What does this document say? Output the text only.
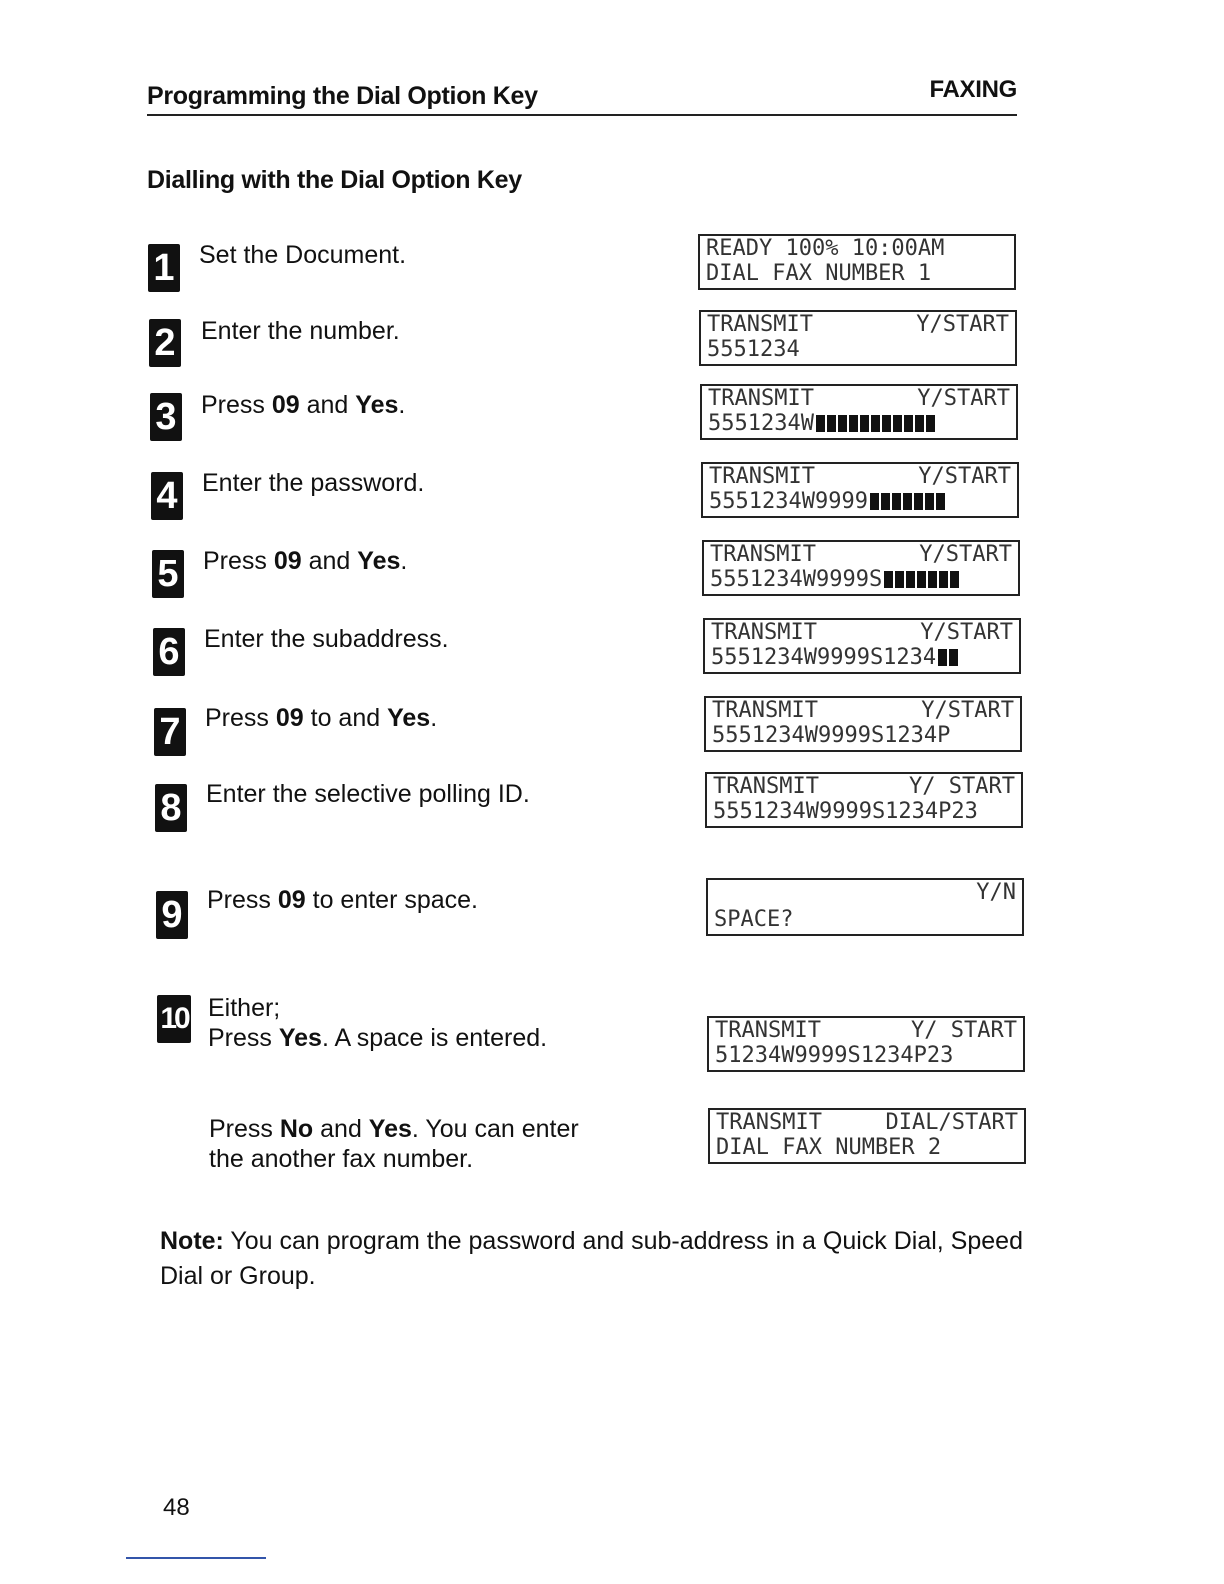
Programming the Dial Option Key	FAXING
Dialling with the Dial Option Key
1 Set the Document.
2 Enter the number.
3 Press 09 and Yes.
4 Enter the password.
5 Press 09 and Yes.
6 Enter the subaddress.
7 Press 09 to and Yes.
8 Enter the selective polling ID.
9 Press 09 to enter space.
10 Either;
Press Yes. A space is entered.
Press No and Yes. You can enter
the another fax number.
READY 100% 10:00AM
DIAL FAX NUMBER 1
TRANSMIT	Y/START
5551234
TRANSMIT	Y/START
5551234W
TRANSMIT	Y/START
5551234W9999
TRANSMIT	Y/START
5551234W9999S
TRANSMIT	Y/START
5551234W9999S1234
TRANSMIT	Y/START
5551234W9999S1234P
TRANSMIT	Y/ START
5551234W9999S1234P23
Y/N
SPACE?
TRANSMIT	Y/ START
51234W9999S1234P23
TRANSMIT	DIAL/START
DIAL FAX NUMBER 2
Note: You can program the password and sub-address in a Quick Dial, Speed Dial or Group.
48
